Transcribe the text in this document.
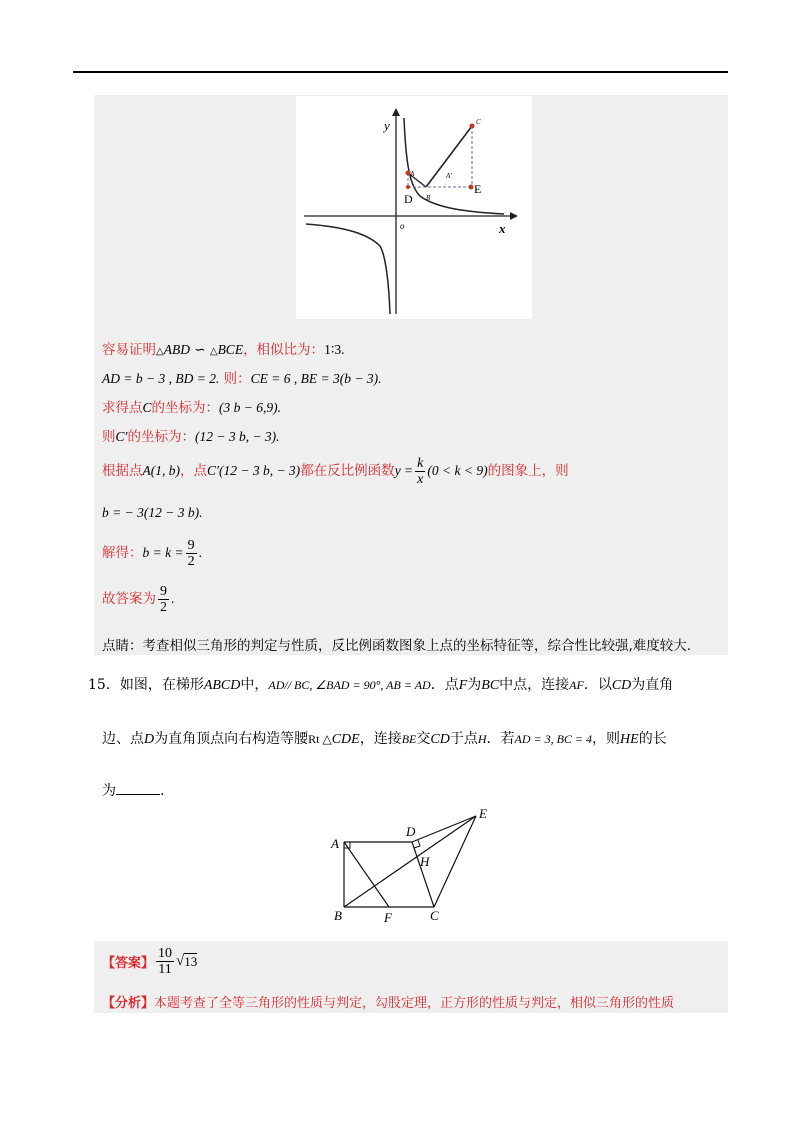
y
x
o
A
D B
A'
C
E
容易证明△ABD ∽ △BCE，相似比为：1∶3.
AD = b − 3 , BD = 2. 则：CE = 6 , BE = 3(b − 3).
求得点C的坐标为：(3 b − 6,9).
则C′的坐标为：(12 − 3 b, − 3).
根据点A(1, b)，点C′(12 − 3 b, − 3)都在反比例函数$y = \frac{k}{x} (0 < k < 9)$的图象上，则
b = − 3(12 − 3 b).
解得：$b = k = \frac{9}{2}$ .
故答案为 $\frac{9}{2}$ .
点睛：考查相似三角形的判定与性质，反比例函数图象上点的坐标特征等，综合性比较强,难度较大.
15．如图，在梯形ABCD中，AD// BC, ∠BAD = 90°, AB = AD．点F为BC中点，连接AF．以CD为直角
边、点D为直角顶点向右构造等腰Rt △CDE，连接BE交CD于点H．若AD = 3, BC = 4，则HE的长
为	.
A
D
E
H
B	F	C
【答案】 $\frac{10}{11} √13$
【分析】本题考查了全等三角形的性质与判定，勾股定理，正方形的性质与判定，相似三角形的性质
